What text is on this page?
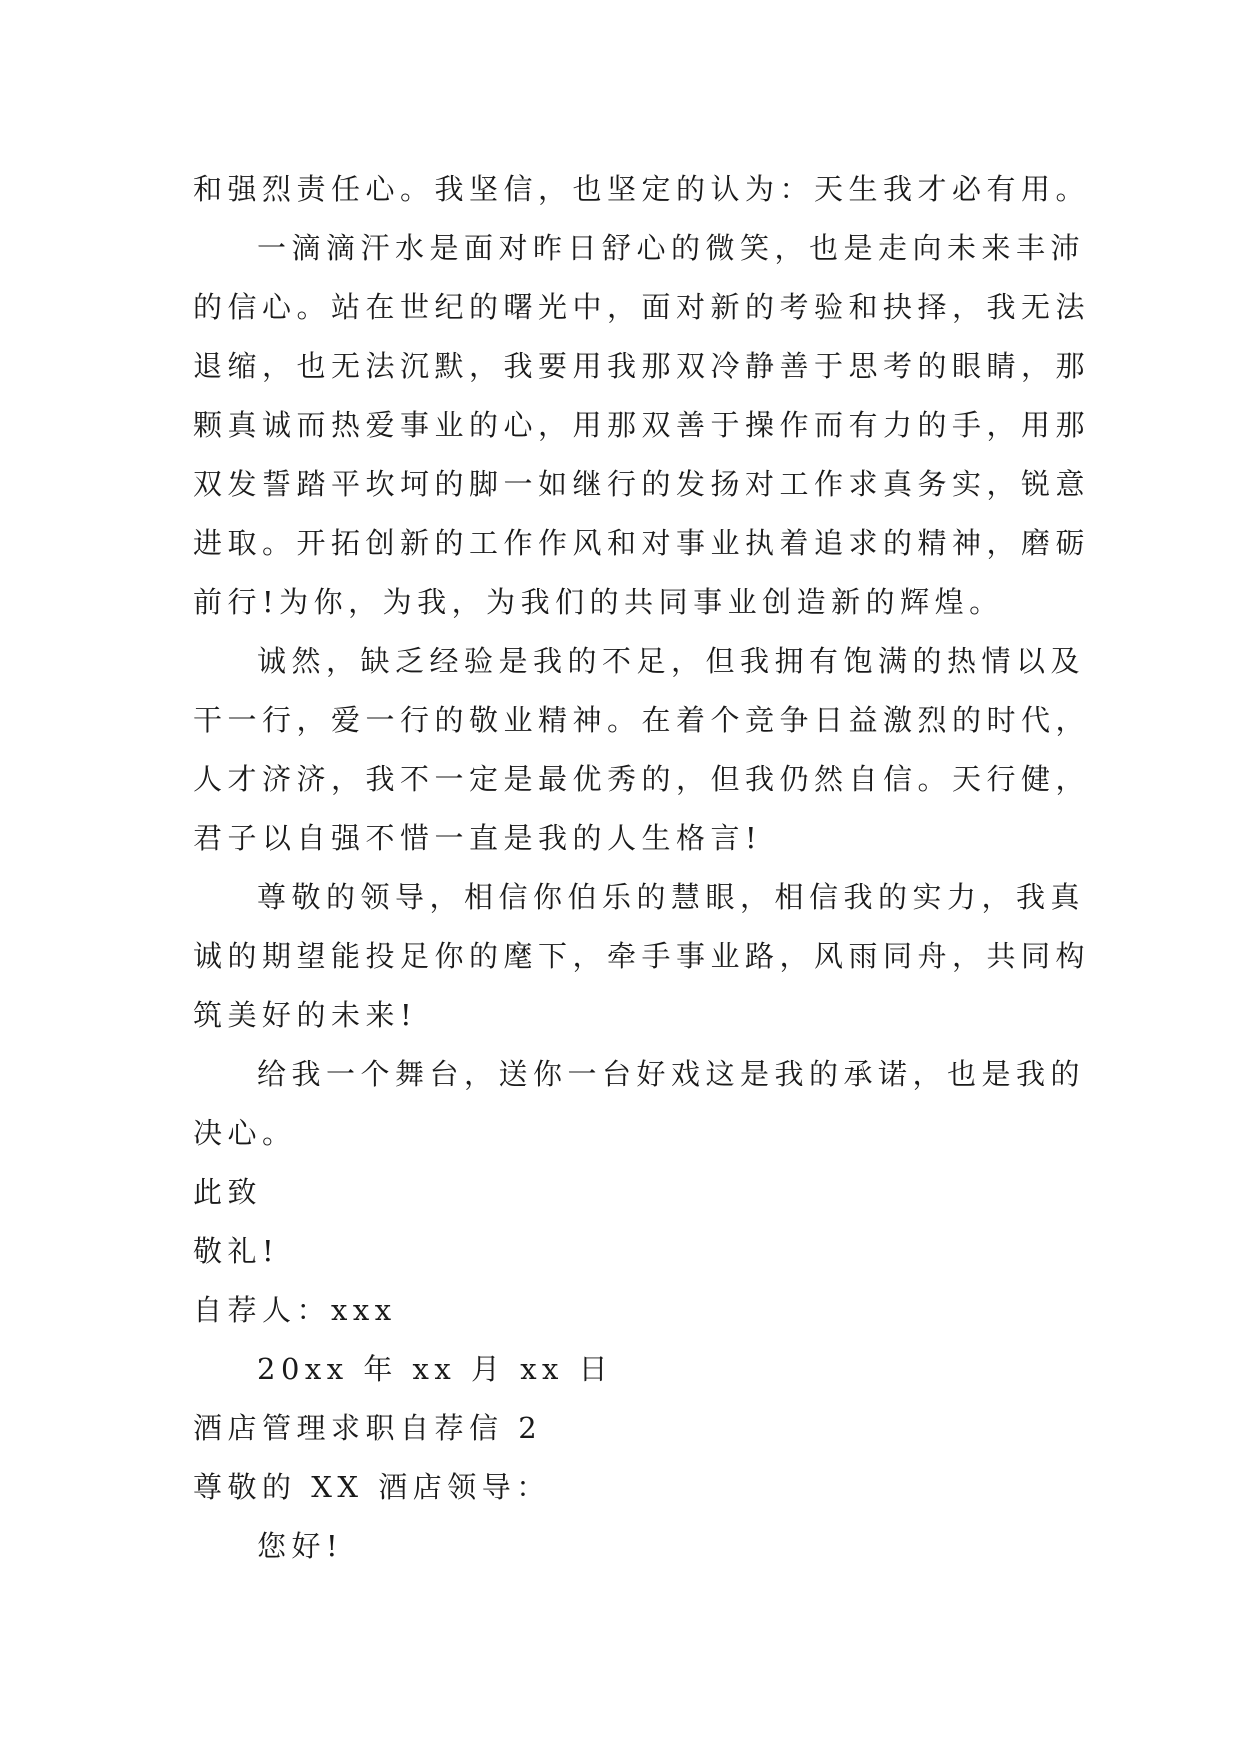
和强烈责任心。我坚信，也坚定的认为：天生我才必有用。
一滴滴汗水是面对昨日舒心的微笑，也是走向未来丰沛
的信心。站在世纪的曙光中，面对新的考验和抉择，我无法
退缩，也无法沉默，我要用我那双冷静善于思考的眼睛，那
颗真诚而热爱事业的心，用那双善于操作而有力的手，用那
双发誓踏平坎坷的脚一如继行的发扬对工作求真务实，锐意
进取。开拓创新的工作作风和对事业执着追求的精神，磨砺
前行!为你，为我，为我们的共同事业创造新的辉煌。
诚然，缺乏经验是我的不足，但我拥有饱满的热情以及
干一行，爱一行的敬业精神。在着个竞争日益激烈的时代，
人才济济，我不一定是最优秀的，但我仍然自信。天行健，
君子以自强不惜一直是我的人生格言!
尊敬的领导，相信你伯乐的慧眼，相信我的实力，我真
诚的期望能投足你的麾下，牵手事业路，风雨同舟，共同构
筑美好的未来!
给我一个舞台，送你一台好戏这是我的承诺，也是我的
决心。
此致
敬礼!
自荐人：xxx
20xx 年 xx 月 xx 日
酒店管理求职自荐信 2
尊敬的 XX 酒店领导：
您好!
